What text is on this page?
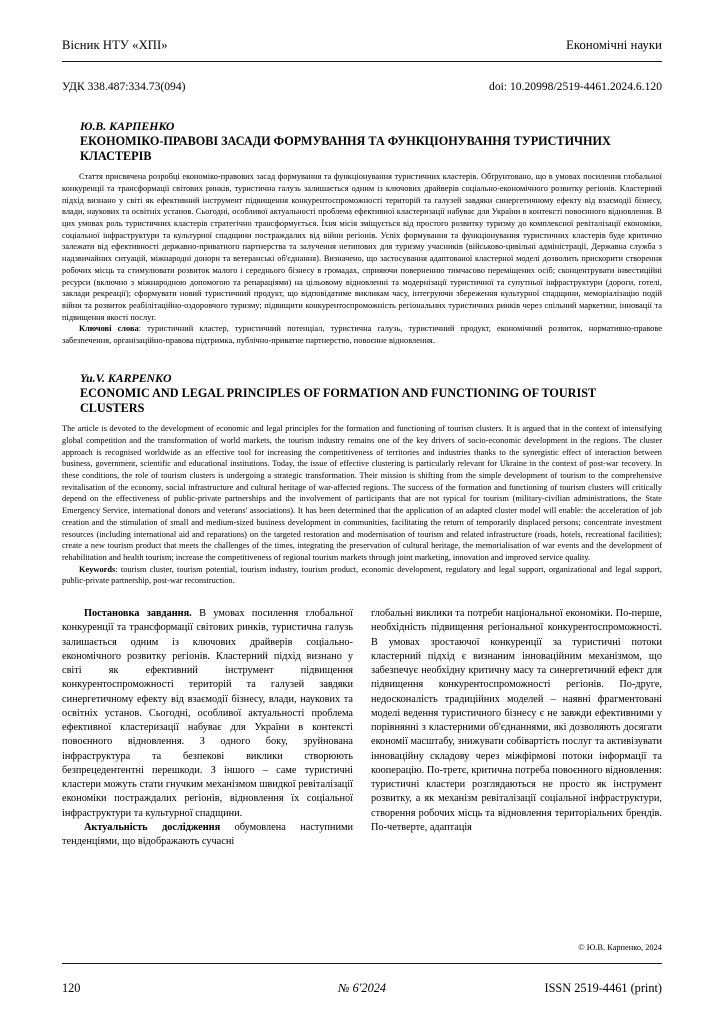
Вісник НТУ «ХПІ»	Економічні науки
УДК 338.487:334.73(094)	doi: 10.20998/2519-4461.2024.6.120
Ю.В. КАРПЕНКО
ЕКОНОМІКО-ПРАВОВІ ЗАСАДИ ФОРМУВАННЯ ТА ФУНКЦІОНУВАННЯ ТУРИСТИЧНИХ КЛАСТЕРІВ

Стаття присвячена розробці економіко-правових засад формування та функціонування туристичних кластерів. Обґрунтовано, що в умовах посилення глобальної конкуренції та трансформації світових ринків, туристична галузь залишається одним із ключових драйверів соціально-економічного розвитку регіонів. Кластерний підхід визнано у світі як ефективний інструмент підвищення конкурентоспроможності територій та галузей завдяки синергетичному ефекту від взаємодії бізнесу, влади, наукових та освітніх установ. Сьогодні, особливої актуальності проблема ефективної кластеризації набуває для України в контексті повоєнного відновлення. В цих умовах роль туристичних кластерів стратегічно трансформується. Їхня місія зміщується від простого розвитку туризму до комплексної ревіталізації економіки, соціальної інфраструктури та культурної спадщини постраждалих від війни регіонів. Успіх формування та функціонування туристичних кластерів буде критично залежати від ефективності державно-приватного партнерства та залучення нетипових для туризму учасників (військово-цивільні адміністрації, Державна служба з надзвичайних ситуацій, міжнародні донори та ветеранські об'єднання). Визначено, що застосування адаптованої кластерної моделі дозволить прискорити створення робочих місць та стимулювати розвиток малого і середнього бізнесу в громадах, сприяючи поверненню тимчасово переміщених осіб; сконцентрувати інвестиційні ресурси (включно з міжнародною допомогою та репараціями) на цільовому відновленні та модернізації туристичної та супутньої інфраструктури (дороги, готелі, заклади рекреації); сформувати новий туристичний продукт, що відповідатиме викликам часу, інтегруючи збереження культурної спадщини, меморіалізацію подій війни та розвиток реабілітаційно-оздоровчого туризму; підвищити конкурентоспроможність регіональних туристичних ринків через спільний маркетинг, інновації та підвищення якості послуг.

Ключові слова: туристичний кластер, туристичний потенціал, туристична галузь, туристичний продукт, економічний розвиток, нормативно-правове забезпечення, організаційно-правова підтримка, публічно-приватне партнерство, повоєнне відновлення.

Yu.V. KARPENKO
ECONOMIC AND LEGAL PRINCIPLES OF FORMATION AND FUNCTIONING OF TOURIST CLUSTERS

The article is devoted to the development of economic and legal principles for the formation and functioning of tourism clusters. It is argued that in the context of intensifying global competition and the transformation of world markets, the tourism industry remains one of the key drivers of socio-economic development in the regions. The cluster approach is recognised worldwide as an effective tool for increasing the competitiveness of territories and industries thanks to the synergistic effect of interaction between business, government, scientific and educational institutions. Today, the issue of effective clustering is particularly relevant for Ukraine in the context of post-war recovery. In these conditions, the role of tourism clusters is undergoing a strategic transformation. Their mission is shifting from the simple development of tourism to the comprehensive revitalisation of the economy, social infrastructure and cultural heritage of war-affected regions. The success of the formation and functioning of tourism clusters will critically depend on the effectiveness of public-private partnerships and the involvement of participants that are not typical for tourism (military-civilian administrations, the State Emergency Service, international donors and veterans' associations). It has been determined that the application of an adapted cluster model will enable: the acceleration of job creation and the stimulation of small and medium-sized business development in communities, facilitating the return of temporarily displaced persons; concentrate investment resources (including international aid and reparations) on the targeted restoration and modernisation of tourism and related infrastructure (roads, hotels, recreational facilities); create a new tourism product that meets the challenges of the times, integrating the preservation of cultural heritage, the memorialisation of war events and the development of rehabilitation and health tourism; increase the competitiveness of regional tourism markets through joint marketing, innovation and improved service quality.

Keywords: tourism cluster, tourism potential, tourism industry, tourism product, economic development, regulatory and legal support, organizational and legal support, public-private partnership, post-war reconstruction.

Постановка завдання. В умовах посилення глобальної конкуренції та трансформації світових ринків, туристична галузь залишається одним із ключових драйверів соціально-економічного розвитку регіонів. Кластерний підхід визнано у світі як ефективний інструмент підвищення конкурентоспроможності територій та галузей завдяки синергетичному ефекту від взаємодії бізнесу, влади, наукових та освітніх установ. Сьогодні, особливої актуальності проблема ефективної кластеризації набуває для України в контексті повоєнного відновлення. З одного боку, зруйнована інфраструктура та безпекові виклики створюють безпрецедентентні перешкоди. З іншого – саме туристичні кластери можуть стати гнучким механізмом швидкої ревіталізації економіки постраждалих регіонів, відновлення їх соціальної інфраструктури та культурної спадщини.

Актуальність дослідження обумовлена наступними тенденціями, що відображають сучасні

глобальні виклики та потреби національної економіки. По-перше, необхідність підвищення регіональної конкурентоспроможності. В умовах зростаючої конкуренції за туристичні потоки кластерний підхід є визнаним інноваційним механізмом, що забезпечує необхідну критичну масу та синергетичний ефект для підвищення конкурентоспроможності регіонів. По-друге, недосконалість традиційних моделей – наявні фрагментовані моделі ведення туристичного бізнесу є не завжди ефективними у порівнянні з кластерними об'єднаннями, які дозволяють досягати економії масштабу, знижувати собівартість послуг та активізувати інноваційну складову через міжфірмові потоки інформації та кооперацію. По-третє, критична потреба повоєнного відновлення: туристичні кластери розглядаються не просто як інструмент розвитку, а як механізм ревіталізації соціальної інфраструктури, створення робочих місць та відновлення територіальних брендів. По-четверте, адаптація

© Ю.В. Карпенко, 2024
120	№ 6'2024	ISSN 2519-4461 (print)
